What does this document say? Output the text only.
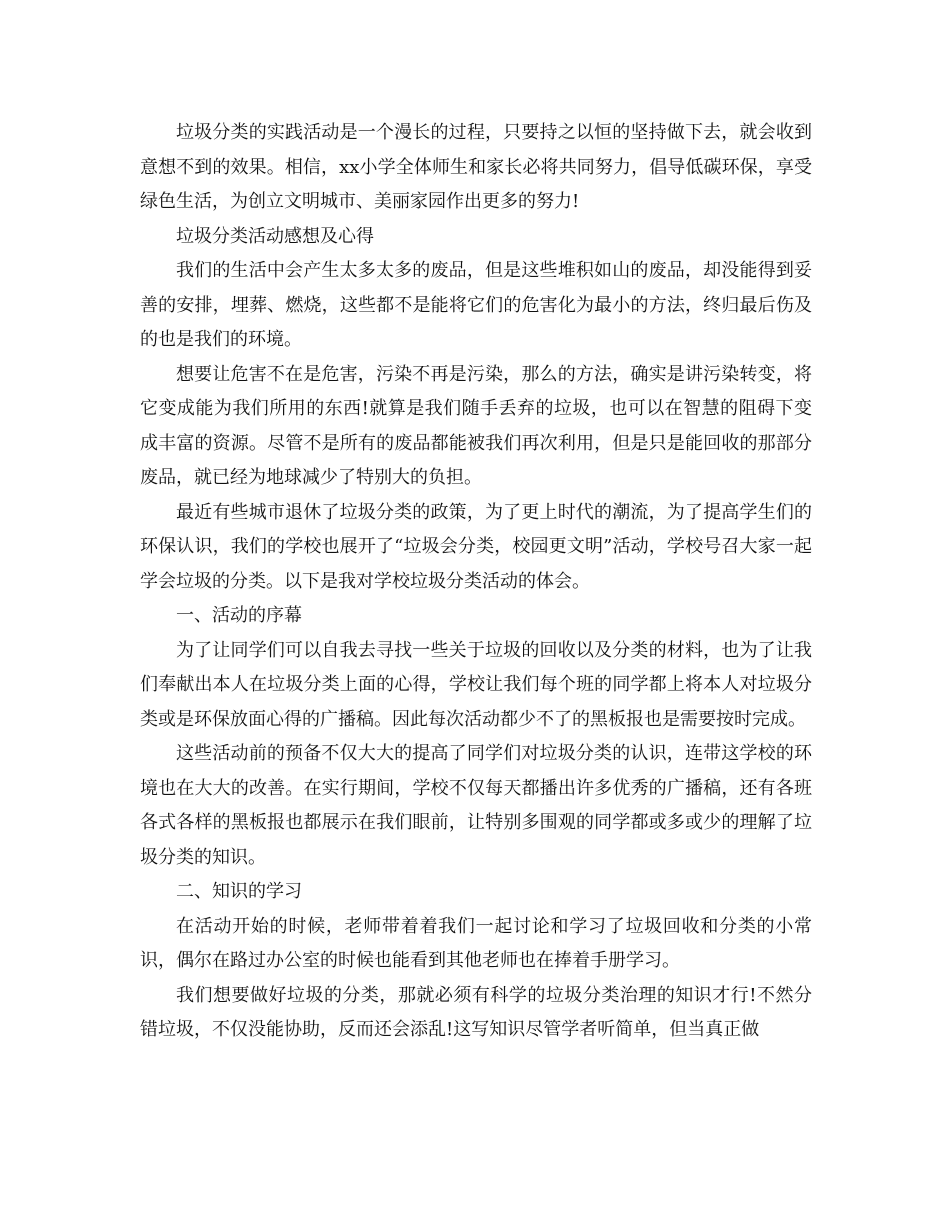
垃圾分类的实践活动是一个漫长的过程，只要持之以恒的坚持做下去，就会收到意想不到的效果。相信，xx小学全体师生和家长必将共同努力，倡导低碳环保，享受绿色生活，为创立文明城市、美丽家园作出更多的努力!

垃圾分类活动感想及心得

我们的生活中会产生太多太多的废品，但是这些堆积如山的废品，却没能得到妥善的安排，埋葬、燃烧，这些都不是能将它们的危害化为最小的方法，终归最后伤及的也是我们的环境。

想要让危害不在是危害，污染不再是污染，那么的方法，确实是讲污染转变，将它变成能为我们所用的东西!就算是我们随手丢弃的垃圾，也可以在智慧的阻碍下变成丰富的资源。尽管不是所有的废品都能被我们再次利用，但是只是能回收的那部分废品，就已经为地球减少了特别大的负担。

最近有些城市退休了垃圾分类的政策，为了更上时代的潮流，为了提高学生们的环保认识，我们的学校也展开了“垃圾会分类，校园更文明”活动，学校号召大家一起学会垃圾的分类。以下是我对学校垃圾分类活动的体会。

一、活动的序幕

为了让同学们可以自我去寻找一些关于垃圾的回收以及分类的材料，也为了让我们奉献出本人在垃圾分类上面的心得，学校让我们每个班的同学都上将本人对垃圾分类或是环保放面心得的广播稿。因此每次活动都少不了的黑板报也是需要按时完成。

这些活动前的预备不仅大大的提高了同学们对垃圾分类的认识，连带这学校的环境也在大大的改善。在实行期间，学校不仅每天都播出许多优秀的广播稿，还有各班各式各样的黑板报也都展示在我们眼前，让特别多围观的同学都或多或少的理解了垃圾分类的知识。

二、知识的学习

在活动开始的时候，老师带着着我们一起讨论和学习了垃圾回收和分类的小常识，偶尔在路过办公室的时候也能看到其他老师也在捧着手册学习。

我们想要做好垃圾的分类，那就必须有科学的垃圾分类治理的知识才行!不然分错垃圾，不仅没能协助，反而还会添乱!这写知识尽管学者听简单，但当真正做
